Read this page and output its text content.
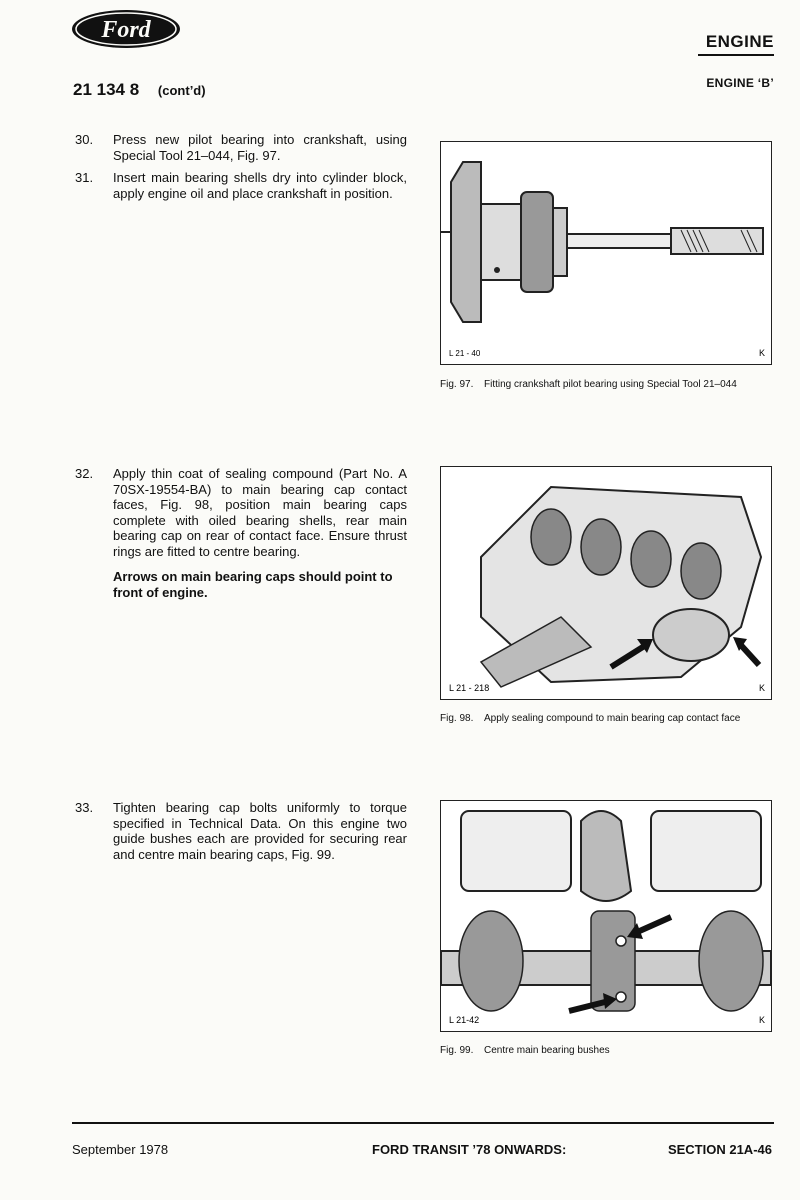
Ford	ENGINE
21 134 8 (cont’d)	ENGINE ‘B’
30. Press new pilot bearing into crankshaft, using Special Tool 21–044, Fig. 97.
31. Insert main bearing shells dry into cylinder block, apply engine oil and place crankshaft in position.
32. Apply thin coat of sealing compound (Part No. A 70SX-19554-BA) to main bearing cap contact faces, Fig. 98, position main bearing caps complete with oiled bearing shells, rear main bearing cap on rear of contact face. Ensure thrust rings are fitted to centre bearing.
Arrows on main bearing caps should point to front of engine.
33. Tighten bearing cap bolts uniformly to torque specified in Technical Data. On this engine two guide bushes each are provided for securing rear and centre main bearing caps, Fig. 99.
L 21 - 40	K
Fig. 97. Fitting crankshaft pilot bearing using Special Tool 21–044
L 21 - 218	K
Fig. 98. Apply sealing compound to main bearing cap contact face
L 21-42	K
Fig. 99. Centre main bearing bushes
September 1978	FORD TRANSIT ’78 ONWARDS:	SECTION 21A-46
